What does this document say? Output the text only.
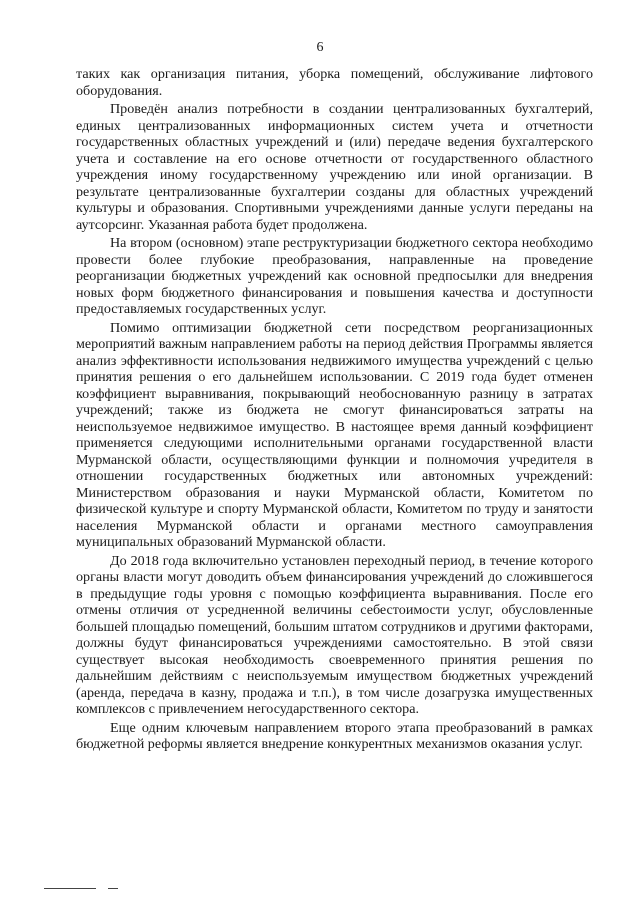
6

таких как организация питания, уборка помещений, обслуживание лифтового оборудования.

Проведён анализ потребности в создании централизованных бухгалтерий, единых централизованных информационных систем учета и отчетности государственных областных учреждений и (или) передаче ведения бухгалтерского учета и составление на его основе отчетности от государственного областного учреждения иному государственному учреждению или иной организации. В результате централизованные бухгалтерии созданы для областных учреждений культуры и образования. Спортивными учреждениями данные услуги переданы на аутсорсинг. Указанная работа будет продолжена.

На втором (основном) этапе реструктуризации бюджетного сектора необходимо провести более глубокие преобразования, направленные на проведение реорганизации бюджетных учреждений как основной предпосылки для внедрения новых форм бюджетного финансирования и повышения качества и доступности предоставляемых государственных услуг.

Помимо оптимизации бюджетной сети посредством реорганизационных мероприятий важным направлением работы на период действия Программы является анализ эффективности использования недвижимого имущества учреждений с целью принятия решения о его дальнейшем использовании. С 2019 года будет отменен коэффициент выравнивания, покрывающий необоснованную разницу в затратах учреждений; также из бюджета не смогут финансироваться затраты на неиспользуемое недвижимое имущество. В настоящее время данный коэффициент применяется следующими исполнительными органами государственной власти Мурманской области, осуществляющими функции и полномочия учредителя в отношении государственных бюджетных или автономных учреждений: Министерством образования и науки Мурманской области, Комитетом по физической культуре и спорту Мурманской области, Комитетом по труду и занятости населения Мурманской области и органами местного самоуправления муниципальных образований Мурманской области.

До 2018 года включительно установлен переходный период, в течение которого органы власти могут доводить объем финансирования учреждений до сложившегося в предыдущие годы уровня с помощью коэффициента выравнивания. После его отмены отличия от усредненной величины себестоимости услуг, обусловленные большей площадью помещений, большим штатом сотрудников и другими факторами, должны будут финансироваться учреждениями самостоятельно. В этой связи существует высокая необходимость своевременного принятия решения по дальнейшим действиям с неиспользуемым имуществом бюджетных учреждений (аренда, передача в казну, продажа и т.п.), в том числе дозагрузка имущественных комплексов с привлечением негосударственного сектора.

Еще одним ключевым направлением второго этапа преобразований в рамках бюджетной реформы является внедрение конкурентных механизмов оказания услуг.
